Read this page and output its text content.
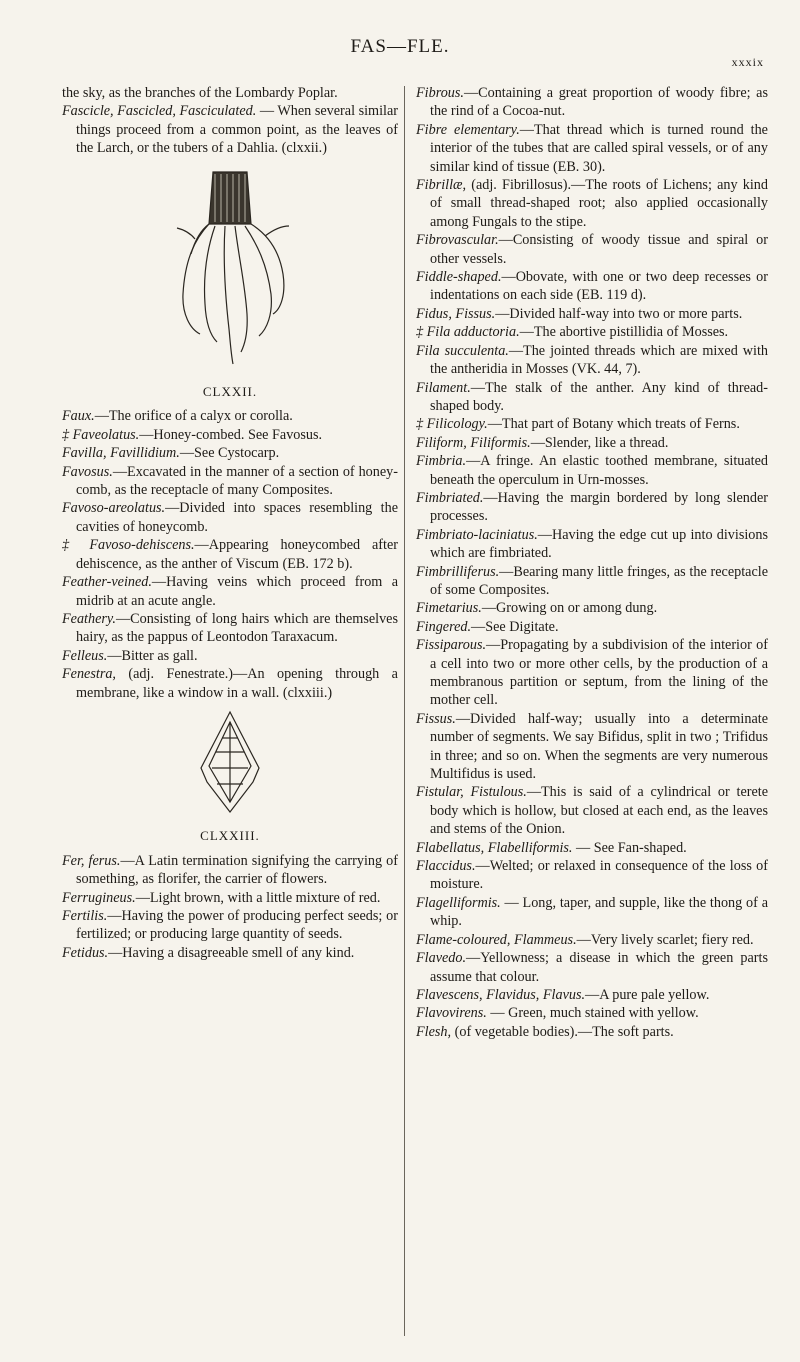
FAS—FLE.
xxxix

the sky, as the branches of the Lombardy Poplar.

Fascicle, Fascicled, Fasciculated. — When several similar things proceed from a common point, as the leaves of the Larch, or the tubers of a Dahlia. (clxxii.)

CLXXII.

Faux.—The orifice of a calyx or corolla.

‡ Faveolatus.—Honey-combed. See Favosus.

Favilla, Favillidium.—See Cystocarp.

Favosus.—Excavated in the manner of a section of honey-comb, as the receptacle of many Composites.

Favoso-areolatus.—Divided into spaces resembling the cavities of honeycomb.

‡ Favoso-dehiscens.—Appearing honeycombed after dehiscence, as the anther of Viscum (EB. 172 b).

Feather-veined.—Having veins which proceed from a midrib at an acute angle.

Feathery.—Consisting of long hairs which are themselves hairy, as the pappus of Leontodon Taraxacum.

Felleus.—Bitter as gall.

Fenestra, (adj. Fenestrate.)—An opening through a membrane, like a window in a wall. (clxxiii.)

CLXXIII.

Fer, ferus.—A Latin termination signifying the carrying of something, as florifer, the carrier of flowers.

Ferrugineus.—Light brown, with a little mixture of red.

Fertilis.—Having the power of producing perfect seeds; or fertilized; or producing large quantity of seeds.

Fetidus.—Having a disagreeable smell of any kind.

Fibrous.—Containing a great proportion of woody fibre; as the rind of a Cocoa-nut.

Fibre elementary.—That thread which is turned round the interior of the tubes that are called spiral vessels, or of any similar kind of tissue (EB. 30).

Fibrillæ, (adj. Fibrillosus).—The roots of Lichens; any kind of small thread-shaped root; also applied occasionally among Fungals to the stipe.

Fibrovascular.—Consisting of woody tissue and spiral or other vessels.

Fiddle-shaped.—Obovate, with one or two deep recesses or indentations on each side (EB. 119 d).

Fidus, Fissus.—Divided half-way into two or more parts.

‡ Fila adductoria.—The abortive pistillidia of Mosses.

Fila succulenta.—The jointed threads which are mixed with the antheridia in Mosses (VK. 44, 7).

Filament.—The stalk of the anther. Any kind of thread-shaped body.

‡ Filicology.—That part of Botany which treats of Ferns.

Filiform, Filiformis.—Slender, like a thread.

Fimbria.—A fringe. An elastic toothed membrane, situated beneath the operculum in Urn-mosses.

Fimbriated.—Having the margin bordered by long slender processes.

Fimbriato-laciniatus.—Having the edge cut up into divisions which are fimbriated.

Fimbrilliferus.—Bearing many little fringes, as the receptacle of some Composites.

Fimetarius.—Growing on or among dung.

Fingered.—See Digitate.

Fissiparous.—Propagating by a subdivision of the interior of a cell into two or more other cells, by the production of a membranous partition or septum, from the lining of the mother cell.

Fissus.—Divided half-way; usually into a determinate number of segments. We say Bifidus, split in two ; Trifidus in three; and so on. When the segments are very numerous Multifidus is used.

Fistular, Fistulous.—This is said of a cylindrical or terete body which is hollow, but closed at each end, as the leaves and stems of the Onion.

Flabellatus, Flabelliformis. — See Fan-shaped.

Flaccidus.—Welted; or relaxed in consequence of the loss of moisture.

Flagelliformis. — Long, taper, and supple, like the thong of a whip.

Flame-coloured, Flammeus.—Very lively scarlet; fiery red.

Flavedo.—Yellowness; a disease in which the green parts assume that colour.

Flavescens, Flavidus, Flavus.—A pure pale yellow.

Flavovirens. — Green, much stained with yellow.

Flesh, (of vegetable bodies).—The soft parts.
